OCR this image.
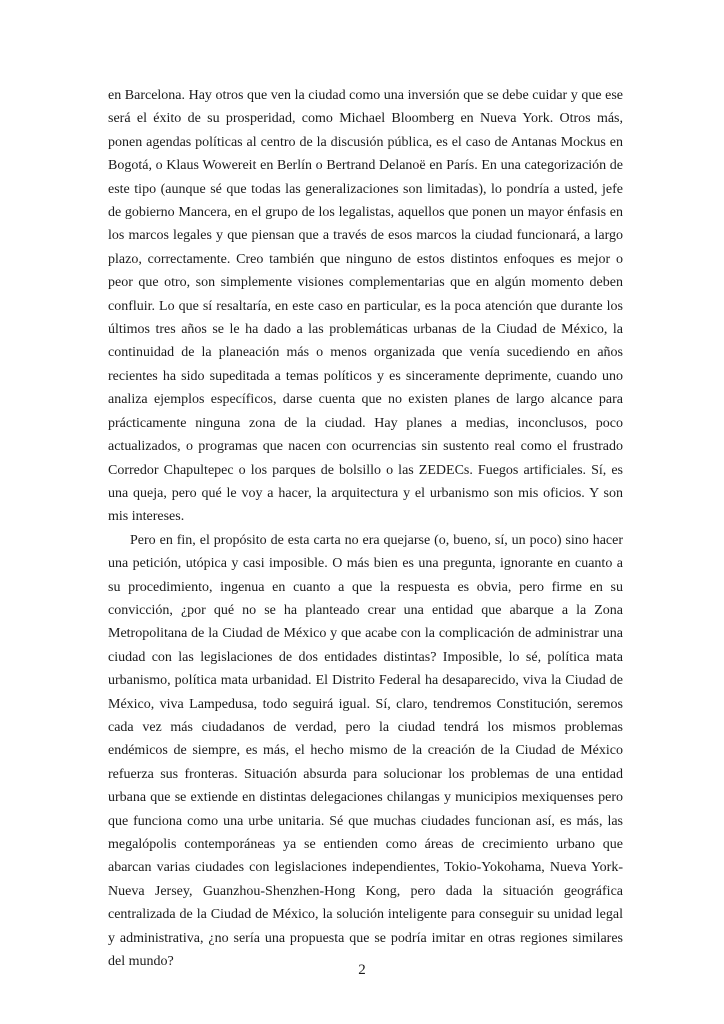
en Barcelona. Hay otros que ven la ciudad como una inversión que se debe cuidar y que ese será el éxito de su prosperidad, como Michael Bloomberg en Nueva York. Otros más, ponen agendas políticas al centro de la discusión pública, es el caso de Antanas Mockus en Bogotá, o Klaus Wowereit en Berlín o Bertrand Delanoë en París. En una categorización de este tipo (aunque sé que todas las generalizaciones son limitadas), lo pondría a usted, jefe de gobierno Mancera, en el grupo de los legalistas, aquellos que ponen un mayor énfasis en los marcos legales y que piensan que a través de esos marcos la ciudad funcionará, a largo plazo, correctamente. Creo también que ninguno de estos distintos enfoques es mejor o peor que otro, son simplemente visiones complementarias que en algún momento deben confluir. Lo que sí resaltaría, en este caso en particular, es la poca atención que durante los últimos tres años se le ha dado a las problemáticas urbanas de la Ciudad de México, la continuidad de la planeación más o menos organizada que venía sucediendo en años recientes ha sido supeditada a temas políticos y es sinceramente deprimente, cuando uno analiza ejemplos específicos, darse cuenta que no existen planes de largo alcance para prácticamente ninguna zona de la ciudad. Hay planes a medias, inconclusos, poco actualizados, o programas que nacen con ocurrencias sin sustento real como el frustrado Corredor Chapultepec o los parques de bolsillo o las ZEDECs. Fuegos artificiales. Sí, es una queja, pero qué le voy a hacer, la arquitectura y el urbanismo son mis oficios. Y son mis intereses.

Pero en fin, el propósito de esta carta no era quejarse (o, bueno, sí, un poco) sino hacer una petición, utópica y casi imposible. O más bien es una pregunta, ignorante en cuanto a su procedimiento, ingenua en cuanto a que la respuesta es obvia, pero firme en su convicción, ¿por qué no se ha planteado crear una entidad que abarque a la Zona Metropolitana de la Ciudad de México y que acabe con la complicación de administrar una ciudad con las legislaciones de dos entidades distintas? Imposible, lo sé, política mata urbanismo, política mata urbanidad. El Distrito Federal ha desaparecido, viva la Ciudad de México, viva Lampedusa, todo seguirá igual. Sí, claro, tendremos Constitución, seremos cada vez más ciudadanos de verdad, pero la ciudad tendrá los mismos problemas endémicos de siempre, es más, el hecho mismo de la creación de la Ciudad de México refuerza sus fronteras. Situación absurda para solucionar los problemas de una entidad urbana que se extiende en distintas delegaciones chilangas y municipios mexiquenses pero que funciona como una urbe unitaria. Sé que muchas ciudades funcionan así, es más, las megalópolis contemporáneas ya se entienden como áreas de crecimiento urbano que abarcan varias ciudades con legislaciones independientes, Tokio-Yokohama, Nueva York-Nueva Jersey, Guanzhou-Shenzhen-Hong Kong, pero dada la situación geográfica centralizada de la Ciudad de México, la solución inteligente para conseguir su unidad legal y administrativa, ¿no sería una propuesta que se podría imitar en otras regiones similares del mundo?

2
